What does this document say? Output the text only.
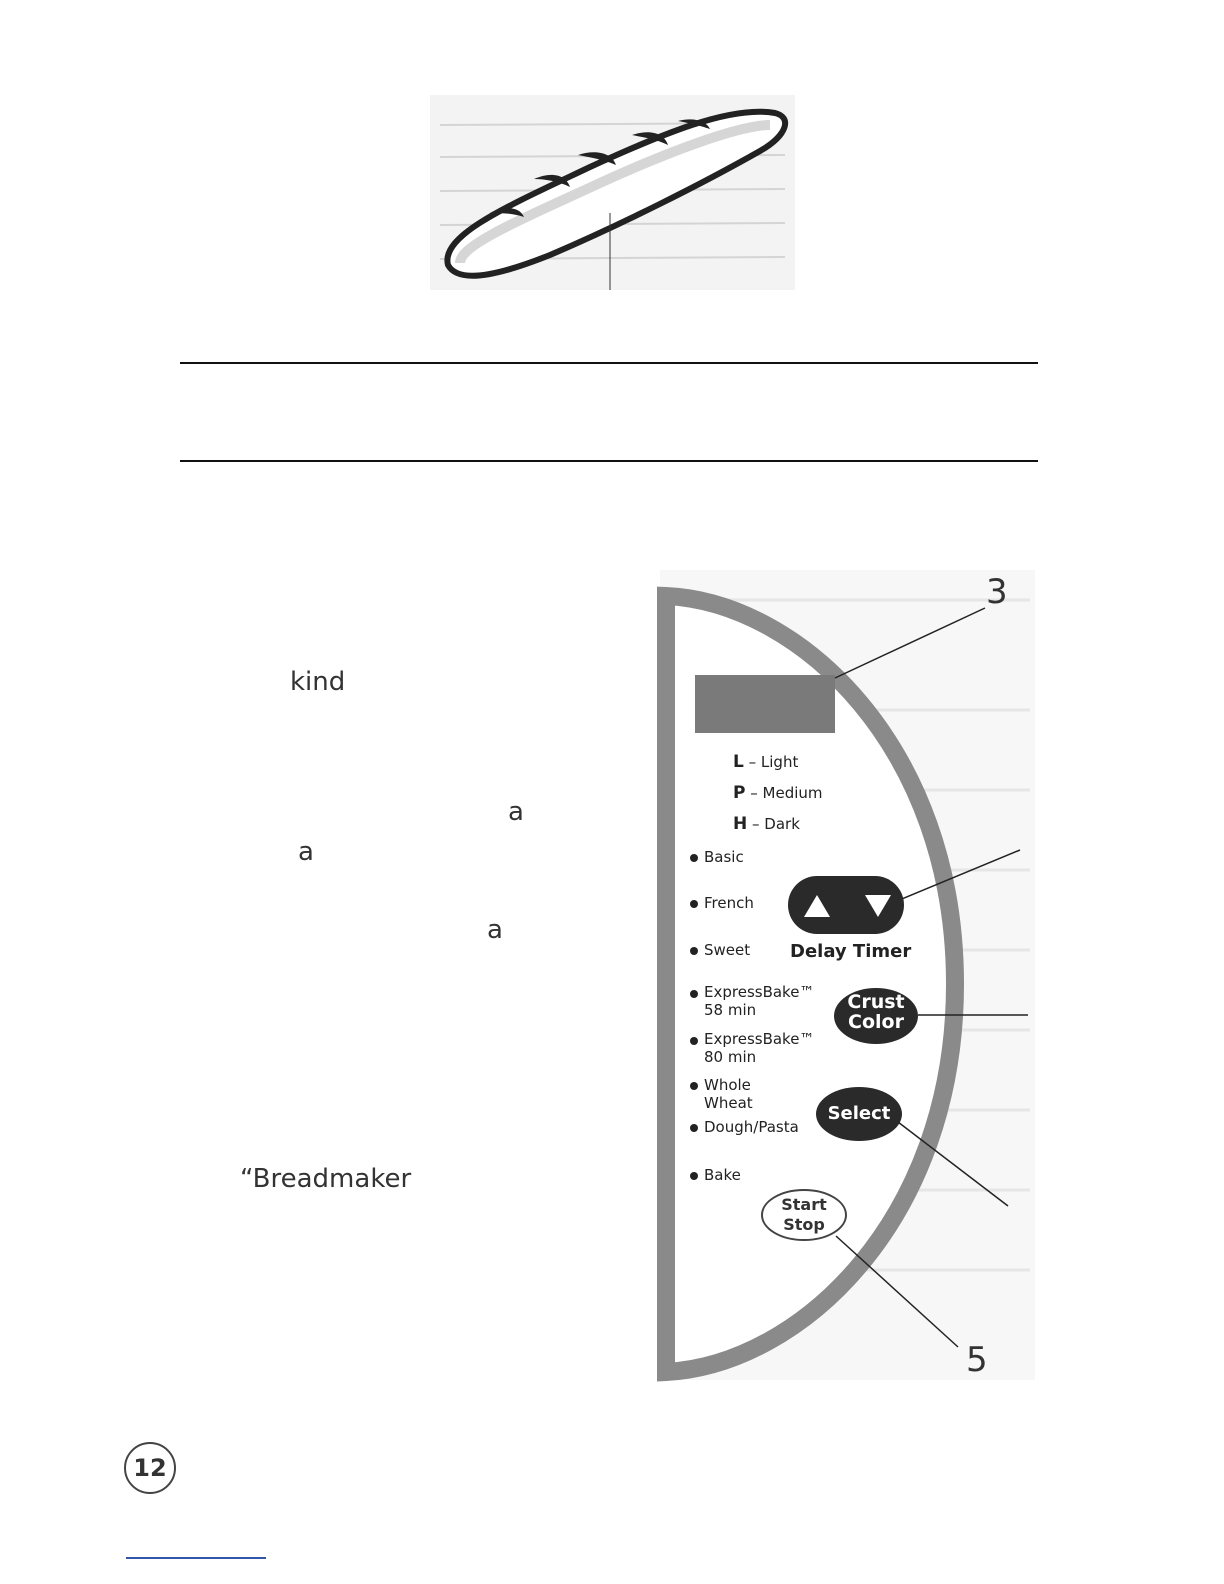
kind
a
a
a
“Breadmaker
L – Light
P – Medium
H – Dark
Basic
French
Sweet
ExpressBake™
58 min
ExpressBake™
80 min
Whole Wheat
Dough/Pasta
Bake
Delay Timer
Crust
Color
Select
Start
Stop
3
5
12
